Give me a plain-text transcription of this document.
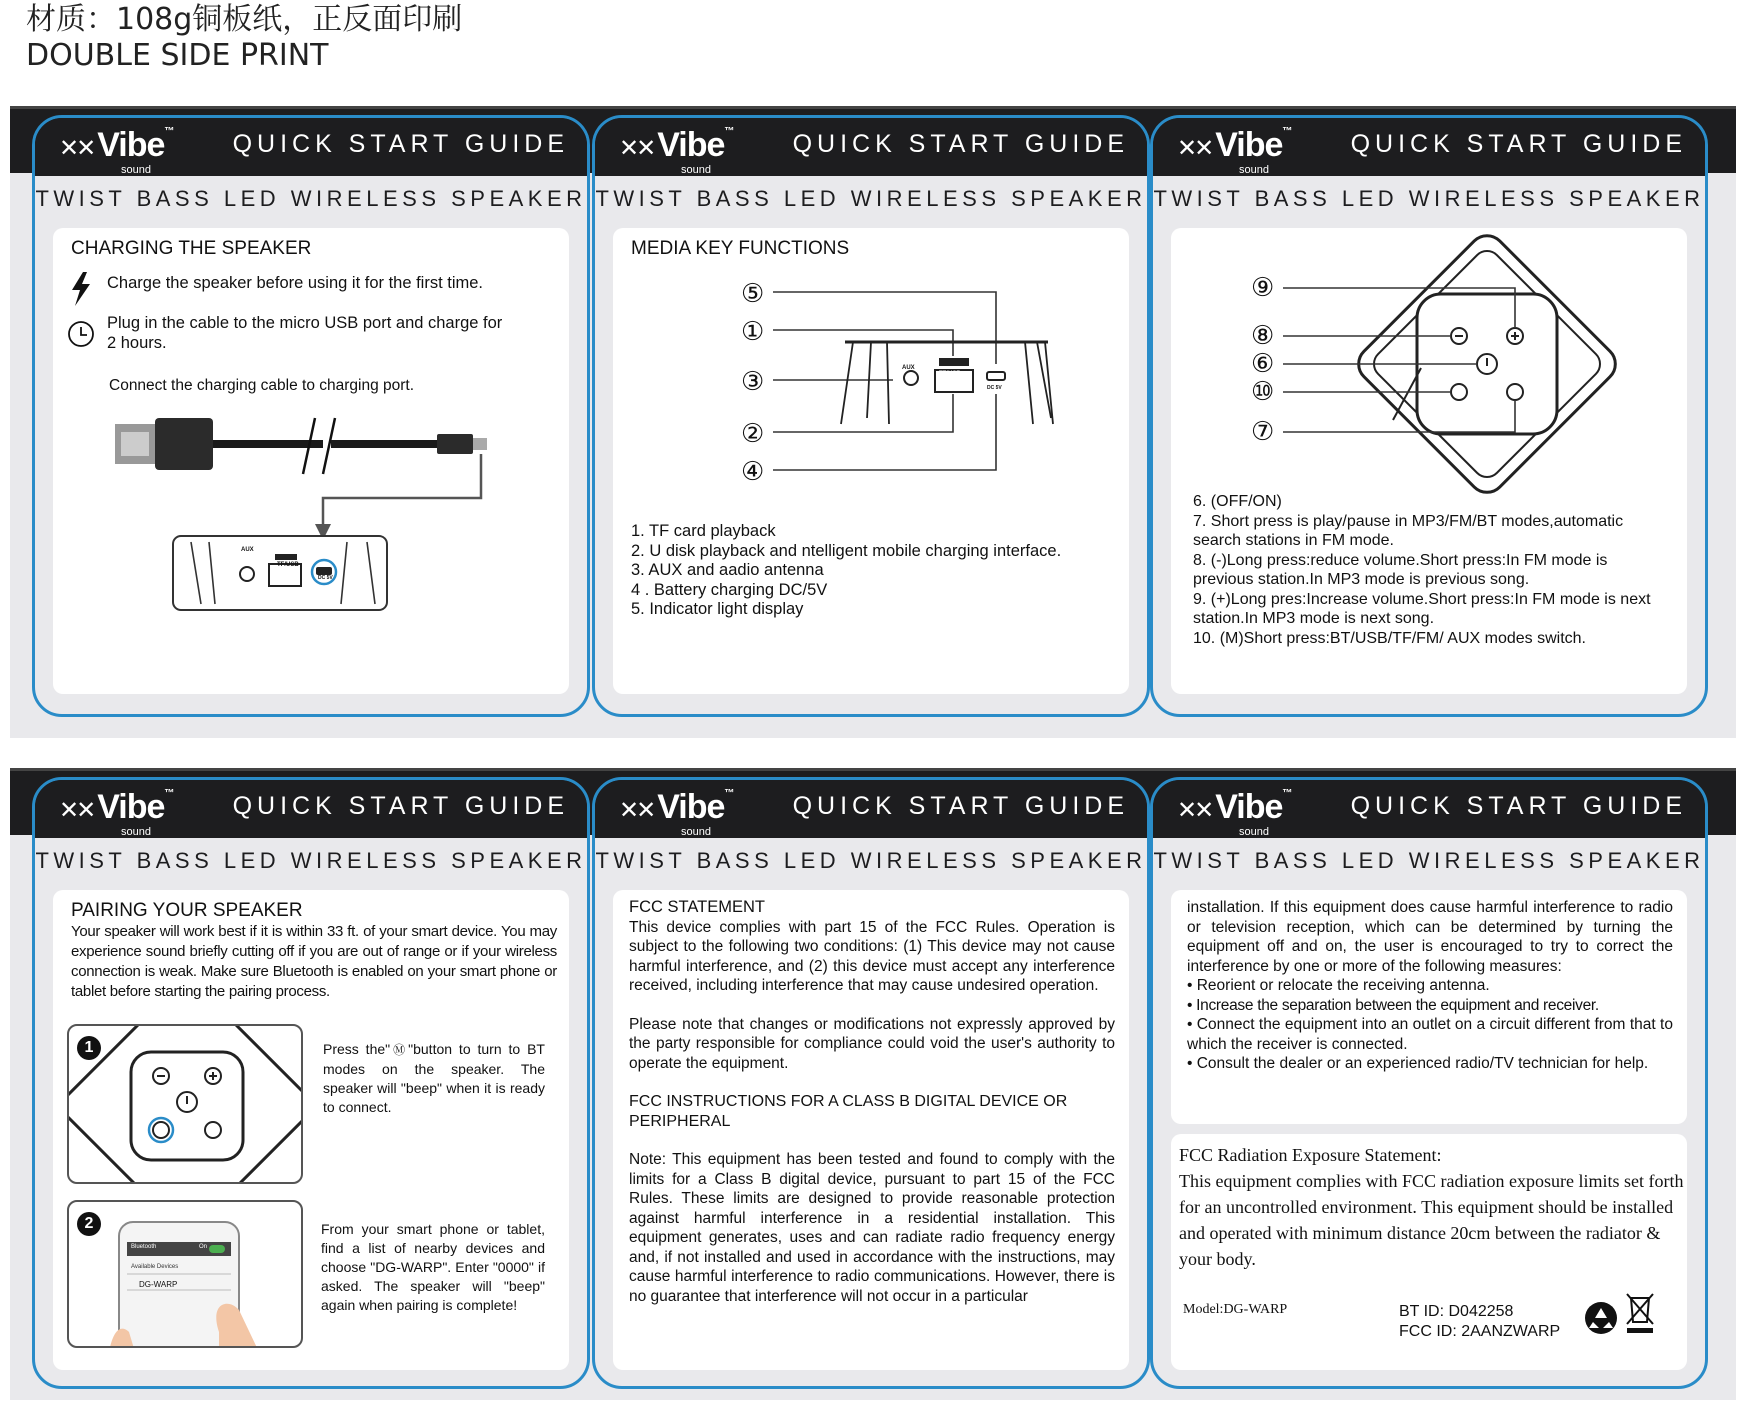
材质：108g铜板纸，正反面印刷
DOUBLE SIDE PRINT
✕✕ Vibe™
sound
QUICK START GUIDE
TWIST BASS LED WIRELESS SPEAKER
CHARGING THE SPEAKER
Charge the speaker before using it for the first time.
Plug in the cable to the micro USB port and charge for 2 hours.
Connect the charging cable to charging port.
AUX
TF/USB
DC 5V
✕✕ Vibe™
sound
QUICK START GUIDE
TWIST BASS LED WIRELESS SPEAKER
MEDIA KEY FUNCTIONS
⑤
①
③
②
④
AUX
TF/USB
DC 5V
1. TF card playback
2. U disk playback and ntelligent mobile charging interface.
3. AUX and aadio antenna
4 . Battery charging DC/5V
5. Indicator light display
✕✕ Vibe™
sound
QUICK START GUIDE
TWIST BASS LED WIRELESS SPEAKER
⑨
⑧
⑥
⑩
⑦
6. (OFF/ON)
7. Short press is play/pause in MP3/FM/BT modes,automatic search stations in FM mode.
8. (-)Long press:reduce volume.Short press:In FM mode is previous station.In MP3 mode is previous song.
9. (+)Long pres:Increase volume.Short press:In FM mode is next station.In MP3 mode is next song.
10. (M)Short press:BT/USB/TF/FM/ AUX modes switch.
✕✕ Vibe™
sound
QUICK START GUIDE
TWIST BASS LED WIRELESS SPEAKER
PAIRING YOUR SPEAKER
Your speaker will work best if it is within 33 ft. of your smart device. You may experience sound briefly cutting off if you are out of range or if your wireless connection is weak. Make sure Bluetooth is enabled on your smart phone or tablet before starting the pairing process.
1	Press the"Ⓜ"button to turn to BT modes on the speaker. The speaker will "beep" when it is ready to connect.
Bluetooth	On
Available Devices
DG-WARP
2	From your smart phone or tablet, find a list of nearby devices and choose "DG-WARP". Enter "0000" if asked. The speaker will "beep" again when pairing is complete!
✕✕ Vibe™
sound
QUICK START GUIDE
TWIST BASS LED WIRELESS SPEAKER
FCC STATEMENT
This device complies with part 15 of the FCC Rules. Operation is subject to the following two conditions: (1) This device may not cause harmful interference, and (2) this device must accept any interference received, including interference that may cause undesired operation.
Please note that changes or modifications not expressly approved by the party responsible for compliance could void the user's authority to operate the equipment.
FCC INSTRUCTIONS FOR A CLASS B DIGITAL DEVICE OR PERIPHERAL
Note: This equipment has been tested and found to comply with the limits for a Class B digital device, pursuant to part 15 of the FCC Rules. These limits are designed to provide reasonable protection against harmful interference in a residential installation. This equipment generates, uses and can radiate radio frequency energy and, if not installed and used in accordance with the instructions, may cause harmful interference to radio communications. However, there is no guarantee that interference will not occur in a particular
✕✕ Vibe™
sound
QUICK START GUIDE
TWIST BASS LED WIRELESS SPEAKER
installation. If this equipment does cause harmful interference to radio or television reception, which can be determined by turning the equipment off and on, the user is encouraged to try to correct the interference by one or more of the following measures:
• Reorient or relocate the receiving antenna.
• Increase the separation between the equipment and receiver.
• Connect the equipment into an outlet on a circuit different from that to which the receiver is connected.
• Consult the dealer or an experienced radio/TV technician for help.
FCC Radiation Exposure Statement:
This equipment complies with FCC radiation exposure limits set forth for an uncontrolled environment. This equipment should be installed and operated with minimum distance 20cm between the radiator & your body.
Model:DG-WARP	BT ID: D042258
FCC ID: 2AANZWARP
